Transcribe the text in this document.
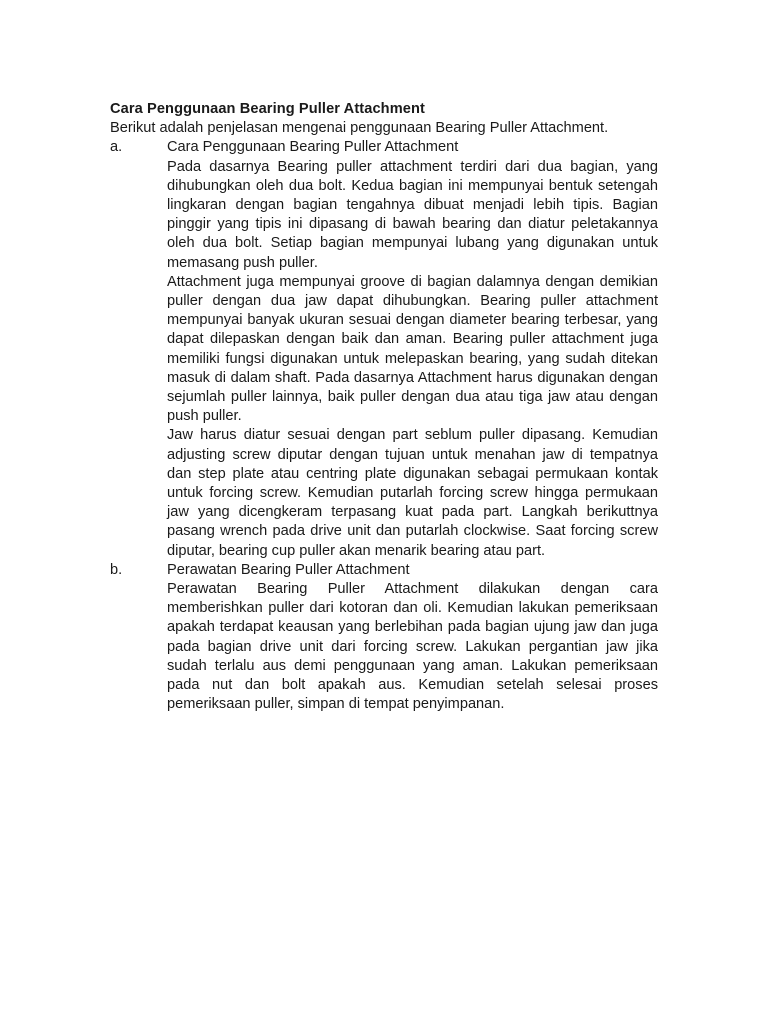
Cara Penggunaan Bearing Puller Attachment

Berikut adalah penjelasan mengenai penggunaan Bearing Puller Attachment.

a.	Cara Penggunaan Bearing Puller Attachment

Pada dasarnya Bearing puller attachment terdiri dari dua bagian, yang dihubungkan oleh dua bolt. Kedua bagian ini mempunyai bentuk setengah lingkaran dengan bagian tengahnya dibuat menjadi lebih tipis. Bagian pinggir yang tipis ini dipasang di bawah bearing dan diatur peletakannya oleh dua bolt. Setiap bagian mempunyai lubang yang digunakan untuk memasang push puller.

Attachment juga mempunyai groove di bagian dalamnya dengan demikian puller dengan dua jaw dapat dihubungkan. Bearing puller attachment mempunyai banyak ukuran sesuai dengan diameter bearing terbesar, yang dapat dilepaskan dengan baik dan aman. Bearing puller attachment juga memiliki fungsi digunakan untuk melepaskan bearing, yang sudah ditekan masuk di dalam shaft. Pada dasarnya Attachment harus digunakan dengan sejumlah puller lainnya, baik puller dengan dua atau tiga jaw atau dengan push puller.

Jaw harus diatur sesuai dengan part seblum puller dipasang. Kemudian adjusting screw diputar dengan tujuan untuk menahan jaw di tempatnya dan step plate atau centring plate digunakan sebagai permukaan kontak untuk forcing screw. Kemudian putarlah forcing screw hingga permukaan jaw yang dicengkeram terpasang kuat pada part. Langkah berikuttnya pasang wrench pada drive unit dan putarlah clockwise. Saat forcing screw diputar, bearing cup puller akan menarik bearing atau part.

b.	Perawatan Bearing Puller Attachment

Perawatan Bearing Puller Attachment dilakukan dengan cara memberishkan puller dari kotoran dan oli. Kemudian lakukan pemeriksaan apakah terdapat keausan yang berlebihan pada bagian ujung jaw dan juga pada bagian drive unit dari forcing screw. Lakukan pergantian jaw jika sudah terlalu aus demi penggunaan yang aman. Lakukan pemeriksaan pada nut dan bolt apakah aus. Kemudian setelah selesai proses pemeriksaan puller, simpan di tempat penyimpanan.
